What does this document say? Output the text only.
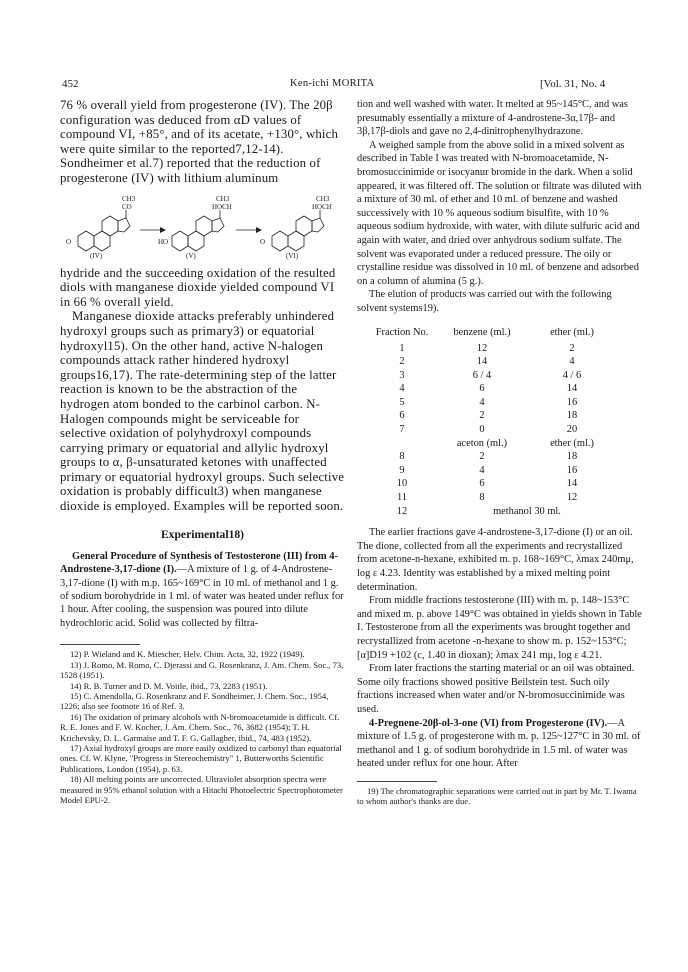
452	Ken-ichi MORITA	[Vol. 31, No. 4

76 % overall yield from progesterone (IV). The 20β configuration was deduced from αD values of compound VI, +85°, and of its acetate, +130°, which were quite similar to the reported7,12-14). Sondheimer et al.7) reported that the reduction of progesterone (IV) with lithium aluminum

CH3
CO
O
(IV)
CH3
HOCH
HO
(V)
CH3
HOCH
O
(VI)

hydride and the succeeding oxidation of the resulted diols with manganese dioxide yielded compound VI in 66 % overall yield.

Manganese dioxide attacks preferably unhindered hydroxyl groups such as primary3) or equatorial hydroxyl15). On the other hand, active N-halogen compounds attack rather hindered hydroxyl groups16,17). The rate-determining step of the latter reaction is known to be the abstraction of the hydrogen atom bonded to the carbinol carbon. N-Halogen compounds might be serviceable for selective oxidation of polyhydroxyl compounds carrying primary or equatorial and allylic hydroxyl groups to α, β-unsaturated ketones with unaffected primary or equatorial hydroxyl groups. Such selective oxidation is probably difficult3) when manganese dioxide is employed. Examples will be reported soon.

Experimental18)

General Procedure of Synthesis of Testosterone (III) from 4-Androstene-3,17-dione (I).—A mixture of 1 g. of 4-Androstene-3,17-dione (I) with m.p. 165~169°C in 10 ml. of methanol and 1 g. of sodium borohydride in 1 ml. of water was heated under reflux for 1 hour. After cooling, the suspension was poured into dilute hydrochloric acid. Solid was collected by filtra-

12) P. Wieland and K. Miescher, Helv. Chim. Acta, 32, 1922 (1949).

13) J. Romo, M. Romo, C. Djerassi and G. Rosenkranz, J. Am. Chem. Soc., 73, 1528 (1951).

14) R. B. Turner and D. M. Voitle, ibid., 73, 2283 (1951).

15) C. Amendolla, G. Rosenkranz and F. Sondheimer, J. Chem. Soc., 1954, 1226; also see footnote 16 of Ref. 3.

16) The oxidation of primary alcohols with N-bromoacetamide is difficult. Cf. R. E. Jones and F. W. Kocher, J. Am. Chem. Soc., 76, 3682 (1954); T. H. Krichevsky, D. L. Garmaise and T. F. G. Gallagher, ibid., 74, 483 (1952).

17) Axial hydroxyl groups are more easily oxidized to carbonyl than equatorial ones. Cf. W. Klyne, "Progress in Stereochemistry" 1, Butterworths Scientific Publications, London (1954), p. 63.

18) All melting points are uncorrected. Ultraviolet absorption spectra were measured in 95% ethanol solution with a Hitachi Photoelectric Spectrophotometer Model EPU-2.

tion and well washed with water. It melted at 95~145°C, and was presumably essentially a mixture of 4-androstene-3α,17β- and 3β,17β-diols and gave no 2,4-dinitrophenylhydrazone.

A weighed sample from the above solid in a mixed solvent as described in Table I was treated with N-bromoacetamide, N-bromosuccinimide or isocyanur bromide in the dark. When a solid appeared, it was filtered off. The solution or filtrate was diluted with a mixture of 30 ml. of ether and 10 ml. of benzene and washed successively with 10 % aqueous sodium bisulfite, with 10 % aqueous sodium hydroxide, with water, with dilute sulfuric acid and again with water, and dried over anhydrous sodium sulfate. The solvent was evaporated under a reduced pressure. The oily or crystalline residue was dissolved in 10 ml. of benzene and adsorbed on a column of alumina (5 g.).

The elution of products was carried out with the following solvent systems19).

Fraction No.	benzene (ml.)	ether (ml.)
1	12	2
2	14	4
3	6 / 4	4 / 6
4	6	14
5	4	16
6	2	18
7	0	20
	aceton (ml.)	ether (ml.)
8	2	18
9	4	16
10	6	14
11	8	12
12	methanol 30 ml.	

The earlier fractions gave 4-androstene-3,17-dione (I) or an oil. The dione, collected from all the experiments and recrystallized from acetone-n-hexane, exhibited m. p. 168~169°C, λmax 240mμ, log ε 4.23. Identity was established by a mixed melting point determination.

From middle fractions testosterone (III) with m. p. 148~153°C and mixed m. p. above 149°C was obtained in yields shown in Table I. Testosterone from all the experiments was brought together and recrystallized from acetone -n-hexane to show m. p. 152~153°C; [α]D19 +102 (c, 1.40 in dioxan); λmax 241 mμ, log ε 4.21.

From later fractions the starting material or an oil was obtained. Some oily fractions showed positive Beilstein test. Such oily fractions increased when water and/or N-bromosuccinimide was used.

4-Pregnene-20β-ol-3-one (VI) from Progesterone (IV).—A mixture of 1.5 g. of progesterone with m. p. 125~127°C in 30 ml. of methanol and 1 g. of sodium borohydride in 1.5 ml. of water was heated under reflux for one hour. After

19) The chromatographic separations were carried out in part by Mr. T. Iwama to whom author's thanks are due.
